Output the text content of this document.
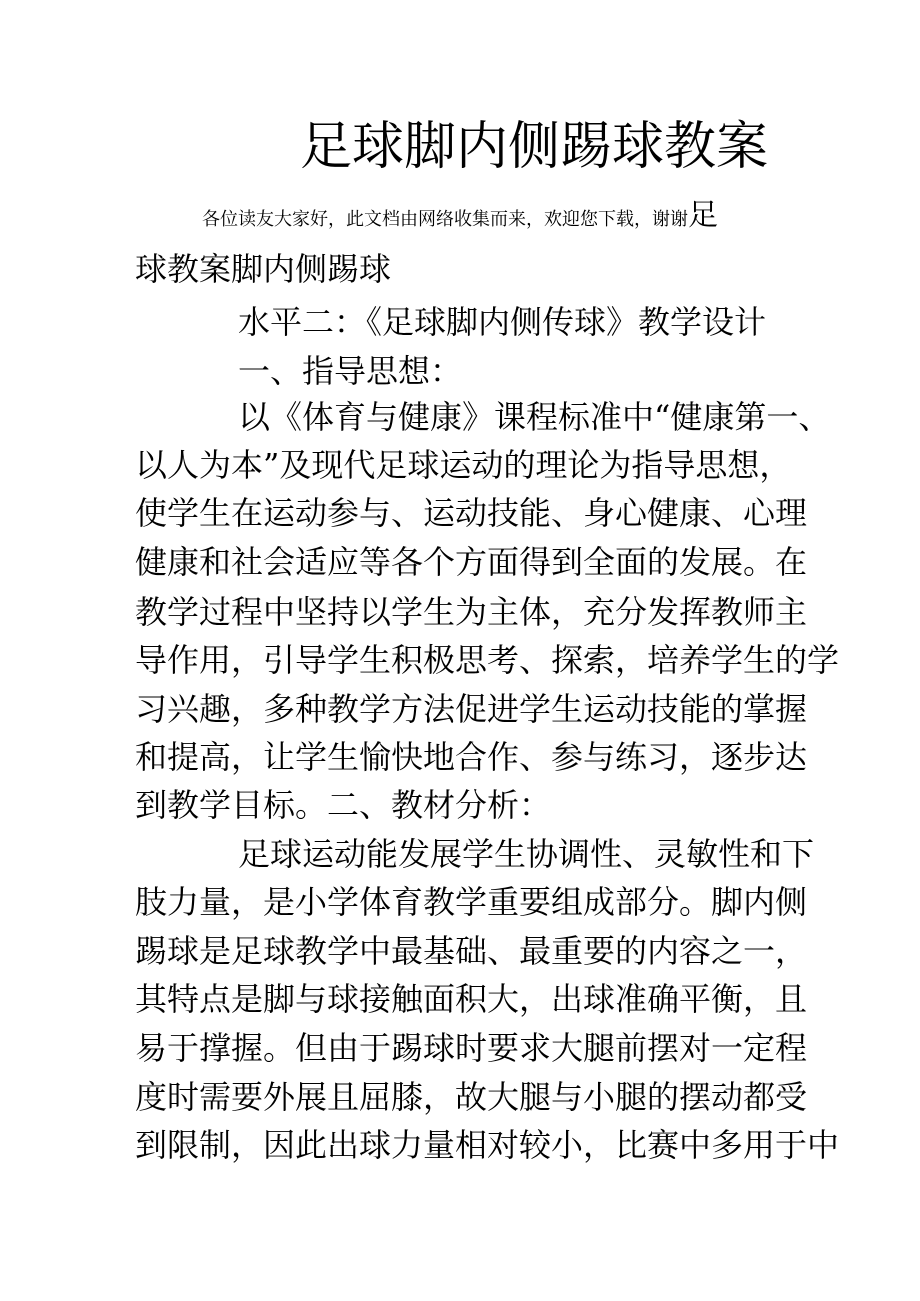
足球脚内侧踢球教案
各位读友大家好，此文档由网络收集而来，欢迎您下载，谢谢足
球教案脚内侧踢球
水平二：《足球脚内侧传球》教学设计
一、指导思想：
以《体育与健康》课程标准中“健康第一、
以人为本”及现代足球运动的理论为指导思想，
使学生在运动参与、运动技能、身心健康、心理
健康和社会适应等各个方面得到全面的发展。在
教学过程中坚持以学生为主体，充分发挥教师主
导作用，引导学生积极思考、探索，培养学生的学
习兴趣，多种教学方法促进学生运动技能的掌握
和提高，让学生愉快地合作、参与练习，逐步达
到教学目标。二、教材分析：
足球运动能发展学生协调性、灵敏性和下
肢力量，是小学体育教学重要组成部分。脚内侧
踢球是足球教学中最基础、最重要的内容之一，
其特点是脚与球接触面积大，出球准确平衡，且
易于撑握。但由于踢球时要求大腿前摆对一定程
度时需要外展且屈膝，故大腿与小腿的摆动都受
到限制，因此出球力量相对较小，比赛中多用于中
